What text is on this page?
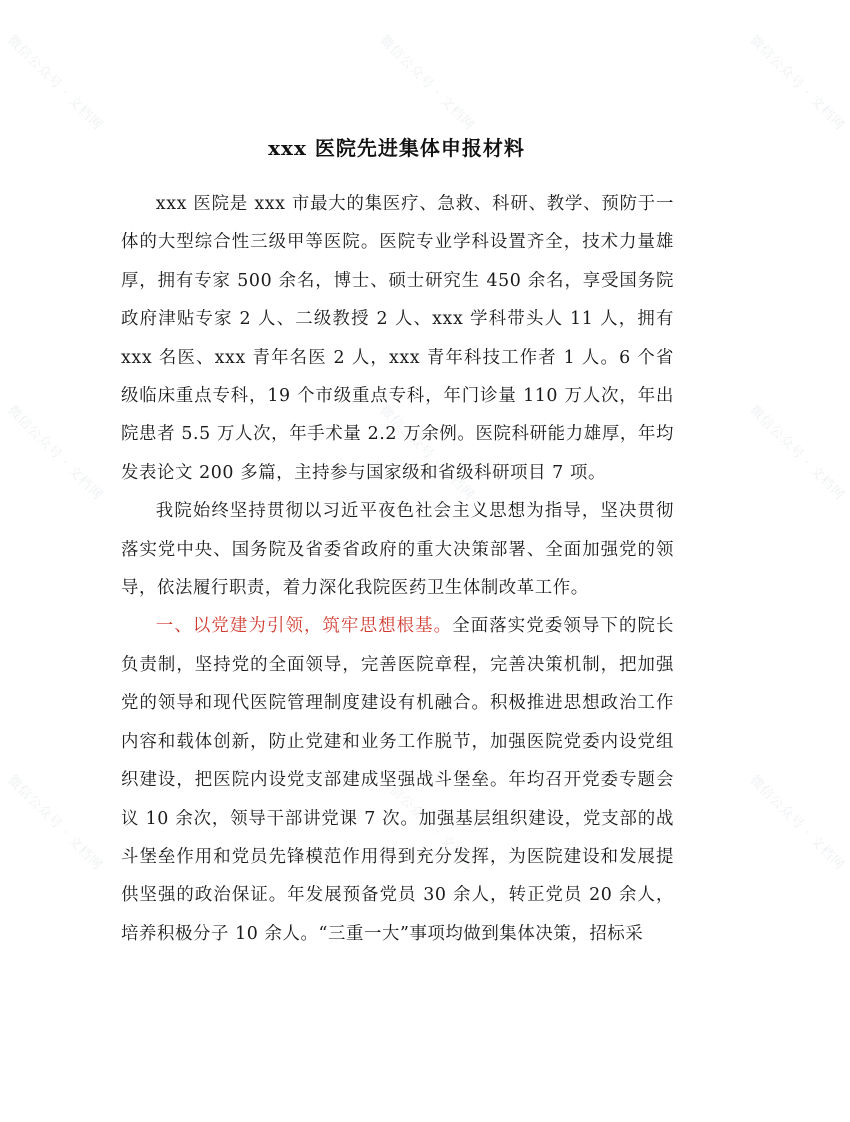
微信公众号 · 文档网	微信公众号 · 文档网	微信公众号 · 文档网
微信公众号 · 文档网	微信公众号 · 文档网	微信公众号 · 文档网
微信公众号 · 文档网	微信公众号 · 文档网	微信公众号 · 文档网
xxx 医院先进集体申报材料

xxx 医院是 xxx 市最大的集医疗、急救、科研、教学、预防于一体的大型综合性三级甲等医院。医院专业学科设置齐全，技术力量雄厚，拥有专家 500 余名，博士、硕士研究生 450 余名，享受国务院政府津贴专家 2 人、二级教授 2 人、xxx 学科带头人 11 人，拥有 xxx 名医、xxx 青年名医 2 人，xxx 青年科技工作者 1 人。6 个省级临床重点专科，19 个市级重点专科，年门诊量 110 万人次，年出院患者 5.5 万人次，年手术量 2.2 万余例。医院科研能力雄厚，年均发表论文 200 多篇，主持参与国家级和省级科研项目 7 项。

我院始终坚持贯彻以习近平夜色社会主义思想为指导，坚决贯彻落实党中央、国务院及省委省政府的重大决策部署、全面加强党的领导，依法履行职责，着力深化我院医药卫生体制改革工作。

一、以党建为引领，筑牢思想根基。全面落实党委领导下的院长负责制，坚持党的全面领导，完善医院章程，完善决策机制，把加强党的领导和现代医院管理制度建设有机融合。积极推进思想政治工作内容和载体创新，防止党建和业务工作脱节，加强医院党委内设党组织建设，把医院内设党支部建成坚强战斗堡垒。年均召开党委专题会议 10 余次，领导干部讲党课 7 次。加强基层组织建设，党支部的战斗堡垒作用和党员先锋模范作用得到充分发挥，为医院建设和发展提供坚强的政治保证。年发展预备党员 30 余人，转正党员 20 余人，培养积极分子 10 余人。“三重一大”事项均做到集体决策，招标采
